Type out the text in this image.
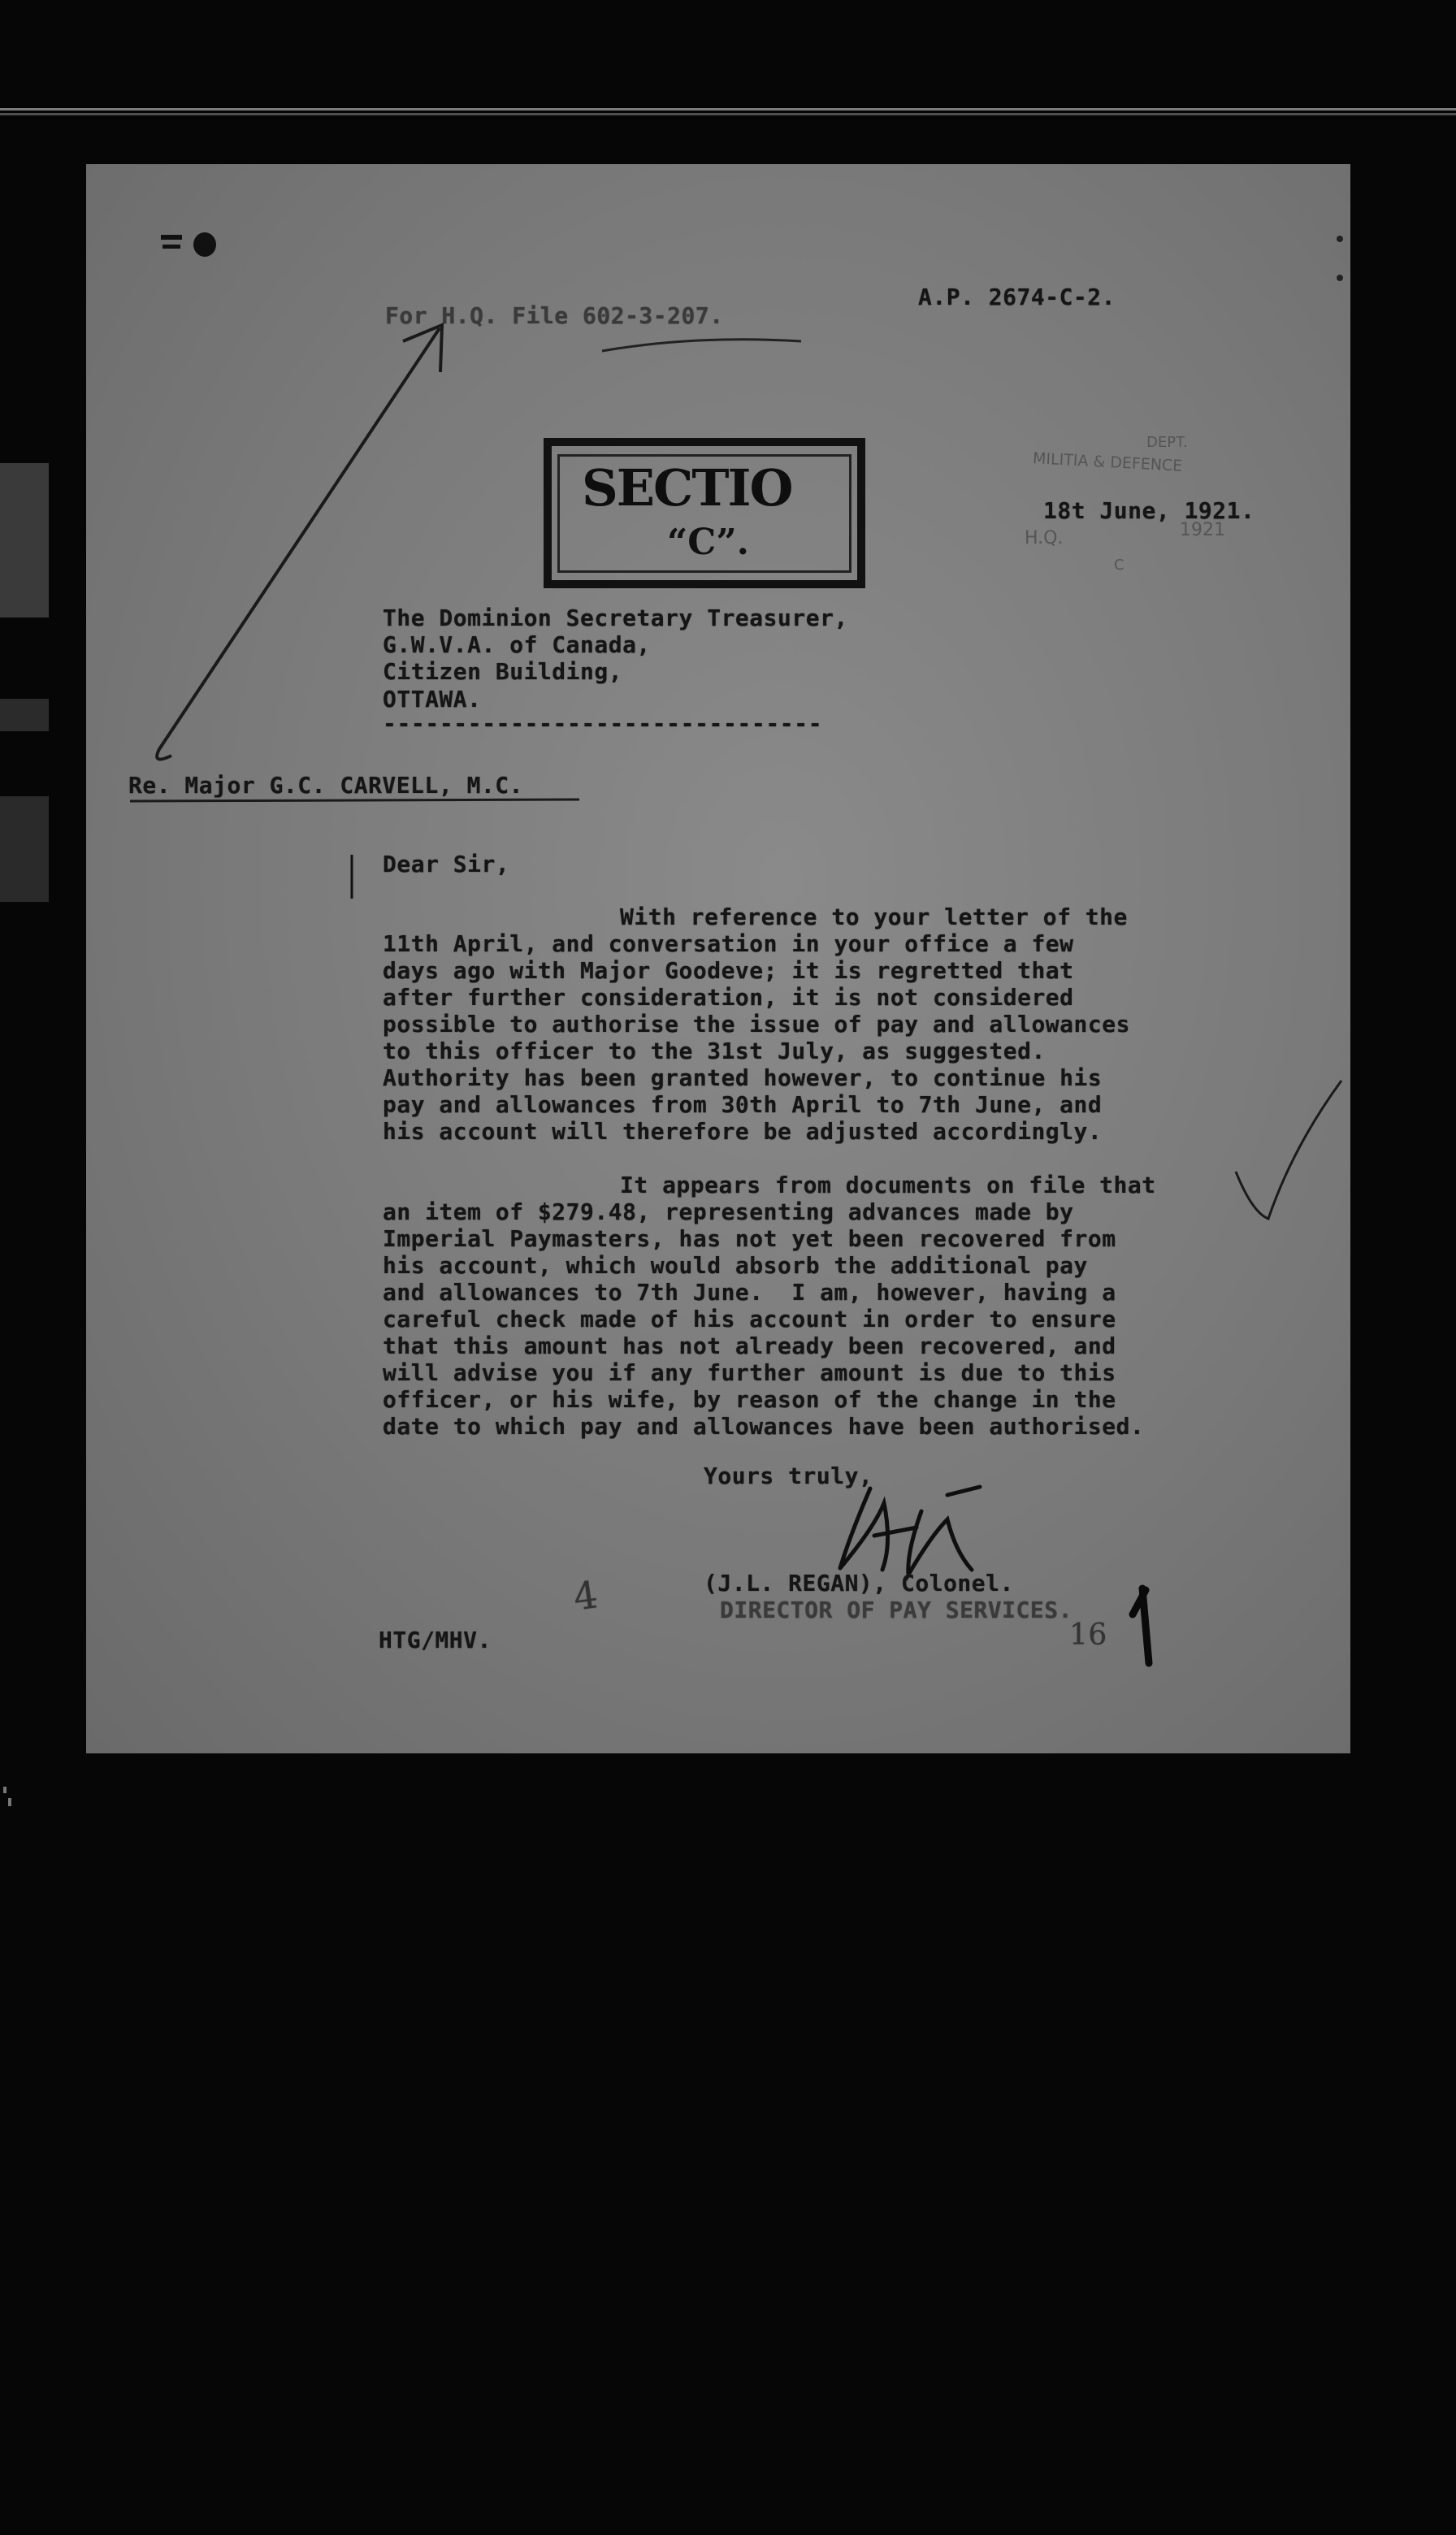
For H.Q. File 602-3-207.
A.P. 2674-C-2.
SECTIO
“C”.
DEPT.
MILITIA & DEFENCE
1921
H.Q.
C
18t June, 1921.
The Dominion Secretary Treasurer,
G.W.V.A. of Canada,
Citizen Building,
OTTAWA.
-------------------------------
Re. Major G.C. CARVELL, M.C.
Dear Sir,
With reference to your letter of the
11th April, and conversation in your office a few
days ago with Major Goodeve; it is regretted that
after further consideration, it is not considered
possible to authorise the issue of pay and allowances
to this officer to the 31st July, as suggested.
Authority has been granted however, to continue his
pay and allowances from 30th April to 7th June, and
his account will therefore be adjusted accordingly.
It appears from documents on file that
an item of $279.48, representing advances made by
Imperial Paymasters, has not yet been recovered from
his account, which would absorb the additional pay
and allowances to 7th June.  I am, however, having a
careful check made of his account in order to ensure
that this amount has not already been recovered, and
will advise you if any further amount is due to this
officer, or his wife, by reason of the change in the
date to which pay and allowances have been authorised.
Yours truly,
(J.L. REGAN), Colonel.
DIRECTOR OF PAY SERVICES.
HTG/MHV.
4
16
